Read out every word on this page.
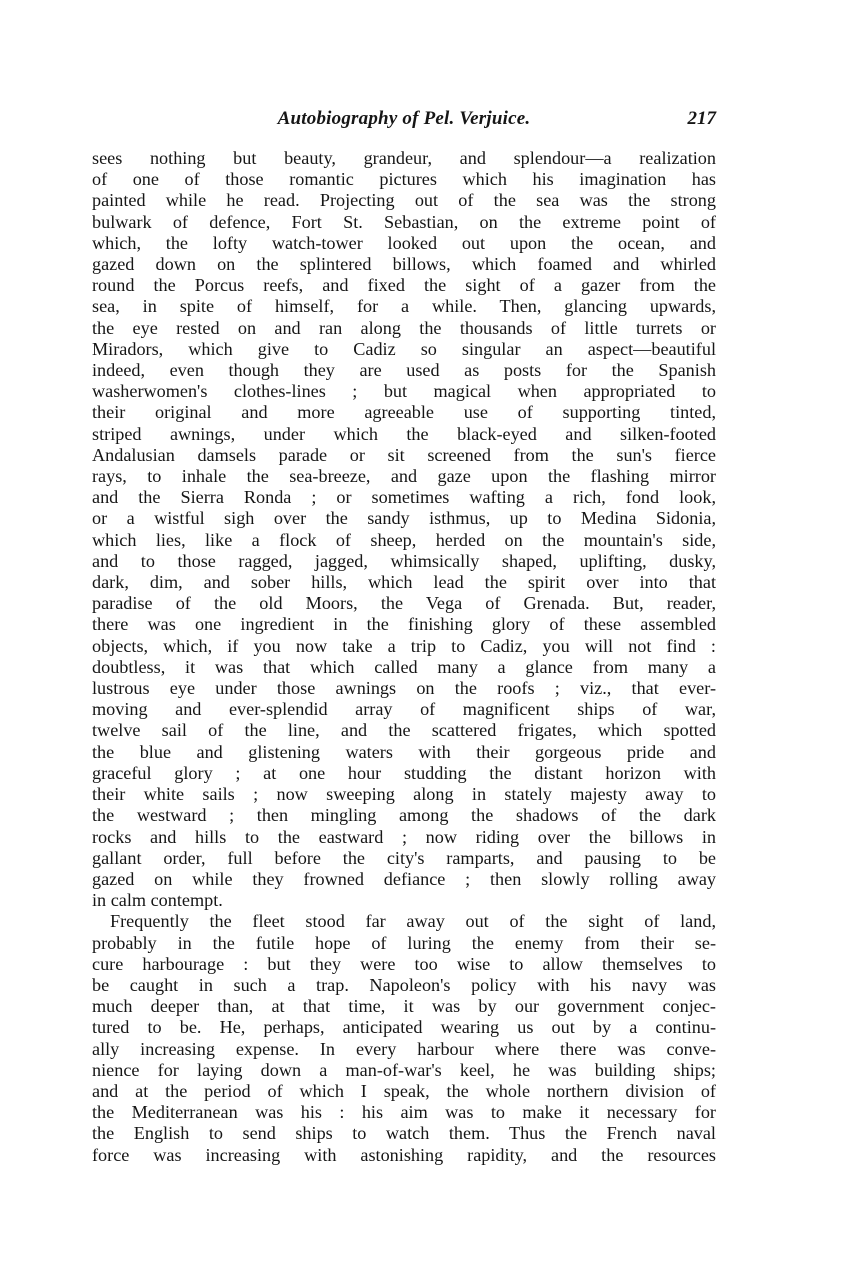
Autobiography of Pel. Verjuice.	217

sees nothing but beauty, grandeur, and splendour—a realization
of one of those romantic pictures which his imagination has
painted while he read. Projecting out of the sea was the strong
bulwark of defence, Fort St. Sebastian, on the extreme point of
which, the lofty watch-tower looked out upon the ocean, and
gazed down on the splintered billows, which foamed and whirled
round the Porcus reefs, and fixed the sight of a gazer from the
sea, in spite of himself, for a while. Then, glancing upwards,
the eye rested on and ran along the thousands of little turrets or
Miradors, which give to Cadiz so singular an aspect—beautiful
indeed, even though they are used as posts for the Spanish
washerwomen's clothes-lines ; but magical when appropriated to
their original and more agreeable use of supporting tinted,
striped awnings, under which the black-eyed and silken-footed
Andalusian damsels parade or sit screened from the sun's fierce
rays, to inhale the sea-breeze, and gaze upon the flashing mirror
and the Sierra Ronda ; or sometimes wafting a rich, fond look,
or a wistful sigh over the sandy isthmus, up to Medina Sidonia,
which lies, like a flock of sheep, herded on the mountain's side,
and to those ragged, jagged, whimsically shaped, uplifting, dusky,
dark, dim, and sober hills, which lead the spirit over into that
paradise of the old Moors, the Vega of Grenada. But, reader,
there was one ingredient in the finishing glory of these assembled
objects, which, if you now take a trip to Cadiz, you will not find :
doubtless, it was that which called many a glance from many a
lustrous eye under those awnings on the roofs ; viz., that ever-
moving and ever-splendid array of magnificent ships of war,
twelve sail of the line, and the scattered frigates, which spotted
the blue and glistening waters with their gorgeous pride and
graceful glory ; at one hour studding the distant horizon with
their white sails ; now sweeping along in stately majesty away to
the westward ; then mingling among the shadows of the dark
rocks and hills to the eastward ; now riding over the billows in
gallant order, full before the city's ramparts, and pausing to be
gazed on while they frowned defiance ; then slowly rolling away
in calm contempt.

Frequently the fleet stood far away out of the sight of land,
probably in the futile hope of luring the enemy from their se-
cure harbourage : but they were too wise to allow themselves to
be caught in such a trap. Napoleon's policy with his navy was
much deeper than, at that time, it was by our government conjec-
tured to be. He, perhaps, anticipated wearing us out by a continu-
ally increasing expense. In every harbour where there was conve-
nience for laying down a man-of-war's keel, he was building ships;
and at the period of which I speak, the whole northern division of
the Mediterranean was his : his aim was to make it necessary for
the English to send ships to watch them. Thus the French naval
force was increasing with astonishing rapidity, and the resources
